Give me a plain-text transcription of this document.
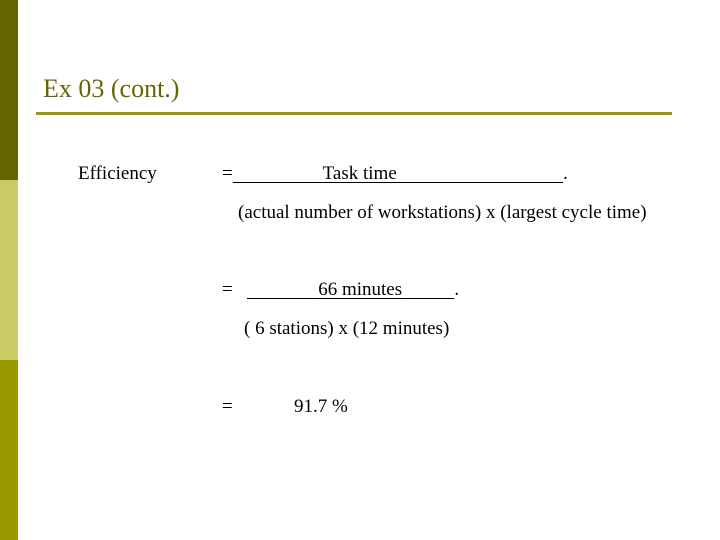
Ex 03 (cont.)
Efficiency	=	Task time	.
(actual number of workstations) x (largest cycle time)
=	66 minutes	.
( 6 stations) x (12 minutes)
=	91.7 %
